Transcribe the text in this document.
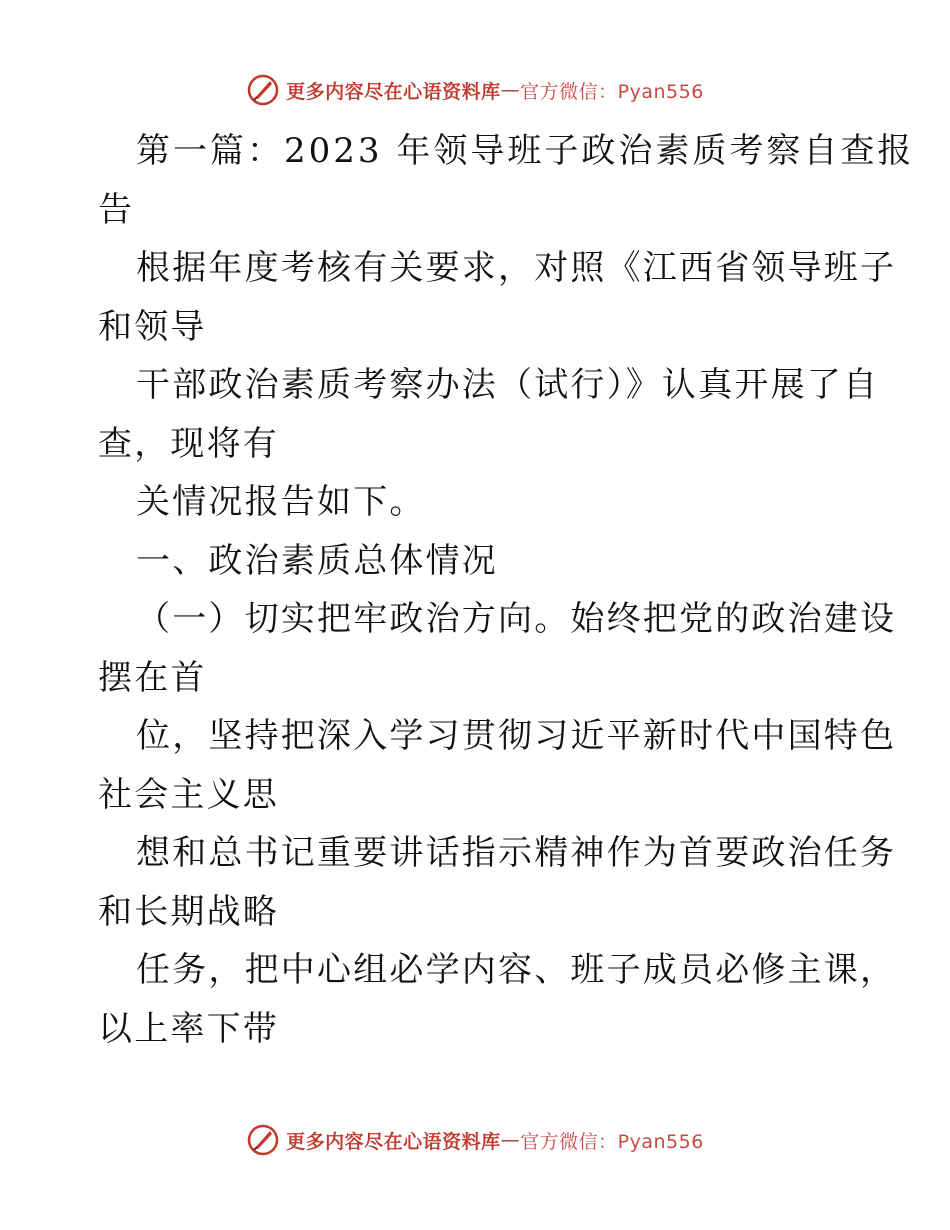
更多内容尽在心语资料库 — 官方微信：Pyan556
第一篇：2023 年领导班子政治素质考察自查报
告
根据年度考核有关要求，对照《江西省领导班子
和领导
干部政治素质考察办法（试行）》认真开展了自
查，现将有
关情况报告如下。
一、政治素质总体情况
（一）切实把牢政治方向。始终把党的政治建设
摆在首
位，坚持把深入学习贯彻习近平新时代中国特色
社会主义思
想和总书记重要讲话指示精神作为首要政治任务
和长期战略
任务，把中心组必学内容、班子成员必修主课，
以上率下带
更多内容尽在心语资料库 — 官方微信：Pyan556
